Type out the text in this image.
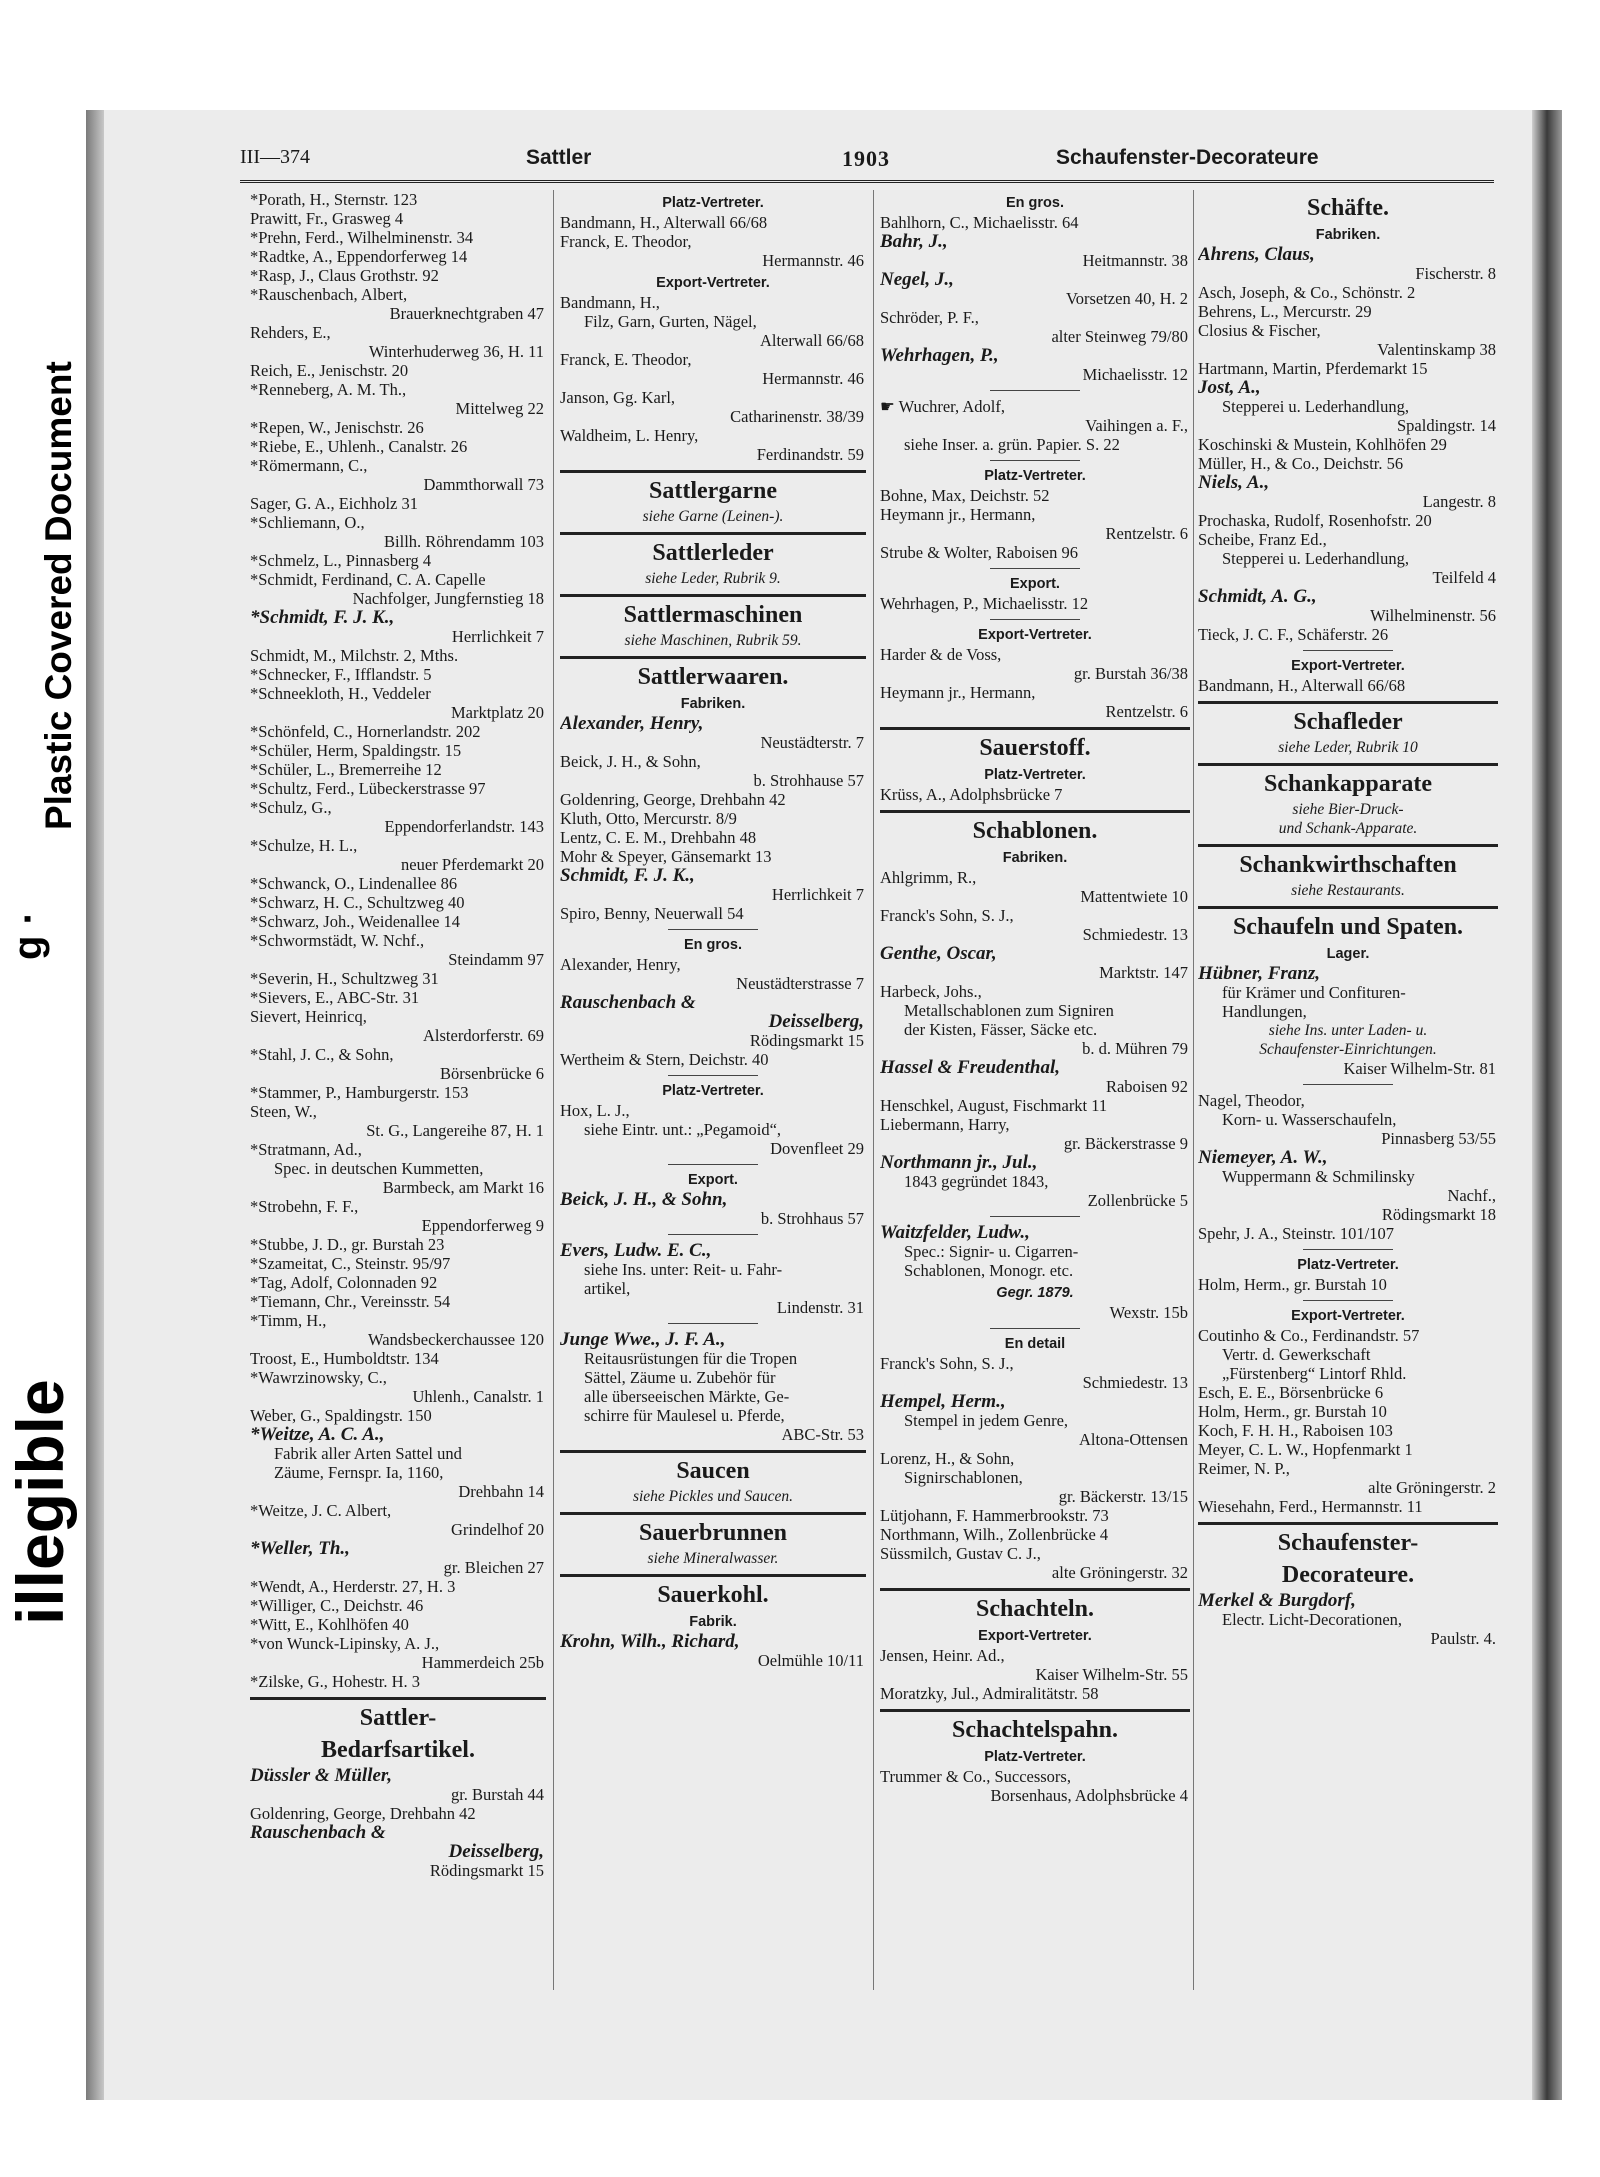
Plastic Covered Document
g ·
illegible
III—374	Sattler	1903	Schaufenster-Decorateure
*Porath, H., Sternstr. 123
Prawitt, Fr., Grasweg 4
*Prehn, Ferd., Wilhelminenstr. 34
*Radtke, A., Eppendorferweg 14
*Rasp, J., Claus Grothstr. 92
*Rauschenbach, Albert,
Brauerknechtgraben 47
Rehders, E.,
Winterhuderweg 36, H. 11
Reich, E., Jenischstr. 20
*Renneberg, A. M. Th.,
Mittelweg 22
*Repen, W., Jenischstr. 26
*Riebe, E., Uhlenh., Canalstr. 26
*Römermann, C.,
Dammthorwall 73
Sager, G. A., Eichholz 31
*Schliemann, O.,
Billh. Röhrendamm 103
*Schmelz, L., Pinnasberg 4
*Schmidt, Ferdinand, C. A. Capelle
Nachfolger, Jungfernstieg 18
*Schmidt, F. J. K.,
Herrlichkeit 7
Schmidt, M., Milchstr. 2, Mths.
*Schnecker, F., Ifflandstr. 5
*Schneekloth, H., Veddeler
Marktplatz 20
*Schönfeld, C., Hornerlandstr. 202
*Schüler, Herm, Spaldingstr. 15
*Schüler, L., Bremerreihe 12
*Schultz, Ferd., Lübeckerstrasse 97
*Schulz, G.,
Eppendorferlandstr. 143
*Schulze, H. L.,
neuer Pferdemarkt 20
*Schwanck, O., Lindenallee 86
*Schwarz, H. C., Schultzweg 40
*Schwarz, Joh., Weidenallee 14
*Schwormstädt, W. Nchf.,
Steindamm 97
*Severin, H., Schultzweg 31
*Sievers, E., ABC-Str. 31
Sievert, Heinricq,
Alsterdorferstr. 69
*Stahl, J. C., & Sohn,
Börsenbrücke 6
*Stammer, P., Hamburgerstr. 153
Steen, W.,
St. G., Langereihe 87, H. 1
*Stratmann, Ad.,
Spec. in deutschen Kummetten,
Barmbeck, am Markt 16
*Strobehn, F. F.,
Eppendorferweg 9
*Stubbe, J. D., gr. Burstah 23
*Szameitat, C., Steinstr. 95/97
*Tag, Adolf, Colonnaden 92
*Tiemann, Chr., Vereinsstr. 54
*Timm, H.,
Wandsbeckerchaussee 120
Troost, E., Humboldtstr. 134
*Wawrzinowsky, C.,
Uhlenh., Canalstr. 1
Weber, G., Spaldingstr. 150
*Weitze, A. C. A.,
Fabrik aller Arten Sattel und
Zäume, Fernspr. Ia, 1160,
Drehbahn 14
*Weitze, J. C. Albert,
Grindelhof 20
*Weller, Th.,
gr. Bleichen 27
*Wendt, A., Herderstr. 27, H. 3
*Williger, C., Deichstr. 46
*Witt, E., Kohlhöfen 40
*von Wunck-Lipinsky, A. J.,
Hammerdeich 25b
*Zilske, G., Hohestr. H. 3
Sattler-
Bedarfsartikel.
Düssler & Müller,
gr. Burstah 44
Goldenring, George, Drehbahn 42
Rauschenbach &
Deisselberg,
Rödingsmarkt 15
Platz-Vertreter.
Bandmann, H., Alterwall 66/68
Franck, E. Theodor,
Hermannstr. 46
Export-Vertreter.
Bandmann, H.,
Filz, Garn, Gurten, Nägel,
Alterwall 66/68
Franck, E. Theodor,
Hermannstr. 46
Janson, Gg. Karl,
Catharinenstr. 38/39
Waldheim, L. Henry,
Ferdinandstr. 59
Sattlergarne
siehe Garne (Leinen-).
Sattlerleder
siehe Leder, Rubrik 9.
Sattlermaschinen
siehe Maschinen, Rubrik 59.
Sattlerwaaren.
Fabriken.
Alexander, Henry,
Neustädterstr. 7
Beick, J. H., & Sohn,
b. Strohhause 57
Goldenring, George, Drehbahn 42
Kluth, Otto, Mercurstr. 8/9
Lentz, C. E. M., Drehbahn 48
Mohr & Speyer, Gänsemarkt 13
Schmidt, F. J. K.,
Herrlichkeit 7
Spiro, Benny, Neuerwall 54
En gros.
Alexander, Henry,
Neustädterstrasse 7
Rauschenbach &
Deisselberg,
Rödingsmarkt 15
Wertheim & Stern, Deichstr. 40
Platz-Vertreter.
Hox, L. J.,
siehe Eintr. unt.: „Pegamoid“,
Dovenfleet 29
Export.
Beick, J. H., & Sohn,
b. Strohhaus 57
Evers, Ludw. E. C.,
siehe Ins. unter: Reit- u. Fahr-
artikel,
Lindenstr. 31
Junge Wwe., J. F. A.,
Reitausrüstungen für die Tropen
Sättel, Zäume u. Zubehör für
alle überseeischen Märkte, Ge-
schirre für Maulesel u. Pferde,
ABC-Str. 53
Saucen
siehe Pickles und Saucen.
Sauerbrunnen
siehe Mineralwasser.
Sauerkohl.
Fabrik.
Krohn, Wilh., Richard,
Oelmühle 10/11
En gros.
Bahlhorn, C., Michaelisstr. 64
Bahr, J.,
Heitmannstr. 38
Negel, J.,
Vorsetzen 40, H. 2
Schröder, P. F.,
alter Steinweg 79/80
Wehrhagen, P.,
Michaelisstr. 12
☛ Wuchrer, Adolf,
Vaihingen a. F.,
siehe Inser. a. grün. Papier. S. 22
Platz-Vertreter.
Bohne, Max, Deichstr. 52
Heymann jr., Hermann,
Rentzelstr. 6
Strube & Wolter, Raboisen 96
Export.
Wehrhagen, P., Michaelisstr. 12
Export-Vertreter.
Harder & de Voss,
gr. Burstah 36/38
Heymann jr., Hermann,
Rentzelstr. 6
Sauerstoff.
Platz-Vertreter.
Krüss, A., Adolphsbrücke 7
Schablonen.
Fabriken.
Ahlgrimm, R.,
Mattentwiete 10
Franck's Sohn, S. J.,
Schmiedestr. 13
Genthe, Oscar,
Marktstr. 147
Harbeck, Johs.,
Metallschablonen zum Signiren
der Kisten, Fässer, Säcke etc.
b. d. Mühren 79
Hassel & Freudenthal,
Raboisen 92
Henschkel, August, Fischmarkt 11
Liebermann, Harry,
gr. Bäckerstrasse 9
Northmann jr., Jul.,
1843 gegründet 1843,
Zollenbrücke 5
Waitzfelder, Ludw.,
Spec.: Signir- u. Cigarren-
Schablonen, Monogr. etc.
Gegr. 1879.
Wexstr. 15b
En detail
Franck's Sohn, S. J.,
Schmiedestr. 13
Hempel, Herm.,
Stempel in jedem Genre,
Altona-Ottensen
Lorenz, H., & Sohn,
Signirschablonen,
gr. Bäckerstr. 13/15
Lütjohann, F. Hammerbrookstr. 73
Northmann, Wilh., Zollenbrücke 4
Süssmilch, Gustav C. J.,
alte Gröningerstr. 32
Schachteln.
Export-Vertreter.
Jensen, Heinr. Ad.,
Kaiser Wilhelm-Str. 55
Moratzky, Jul., Admiralitätstr. 58
Schachtelspahn.
Platz-Vertreter.
Trummer & Co., Successors,
Borsenhaus, Adolphsbrücke 4
Schäfte.
Fabriken.
Ahrens, Claus,
Fischerstr. 8
Asch, Joseph, & Co., Schönstr. 2
Behrens, L., Mercurstr. 29
Closius & Fischer,
Valentinskamp 38
Hartmann, Martin, Pferdemarkt 15
Jost, A.,
Stepperei u. Lederhandlung,
Spaldingstr. 14
Koschinski & Mustein, Kohlhöfen 29
Müller, H., & Co., Deichstr. 56
Niels, A.,
Langestr. 8
Prochaska, Rudolf, Rosenhofstr. 20
Scheibe, Franz Ed.,
Stepperei u. Lederhandlung,
Teilfeld 4
Schmidt, A. G.,
Wilhelminenstr. 56
Tieck, J. C. F., Schäferstr. 26
Export-Vertreter.
Bandmann, H., Alterwall 66/68
Schafleder
siehe Leder, Rubrik 10
Schankapparate
siehe Bier-Druck-
und Schank-Apparate.
Schankwirthschaften
siehe Restaurants.
Schaufeln und Spaten.
Lager.
Hübner, Franz,
für Krämer und Confituren-
Handlungen,
siehe Ins. unter Laden- u.
Schaufenster-Einrichtungen.
Kaiser Wilhelm-Str. 81
Nagel, Theodor,
Korn- u. Wasserschaufeln,
Pinnasberg 53/55
Niemeyer, A. W.,
Wuppermann & Schmilinsky
Nachf.,
Rödingsmarkt 18
Spehr, J. A., Steinstr. 101/107
Platz-Vertreter.
Holm, Herm., gr. Burstah 10
Export-Vertreter.
Coutinho & Co., Ferdinandstr. 57
Vertr. d. Gewerkschaft
„Fürstenberg“ Lintorf Rhld.
Esch, E. E., Börsenbrücke 6
Holm, Herm., gr. Burstah 10
Koch, F. H. H., Raboisen 103
Meyer, C. L. W., Hopfenmarkt 1
Reimer, N. P.,
alte Gröningerstr. 2
Wiesehahn, Ferd., Hermannstr. 11
Schaufenster-
Decorateure.
Merkel & Burgdorf,
Electr. Licht-Decorationen,
Paulstr. 4.
